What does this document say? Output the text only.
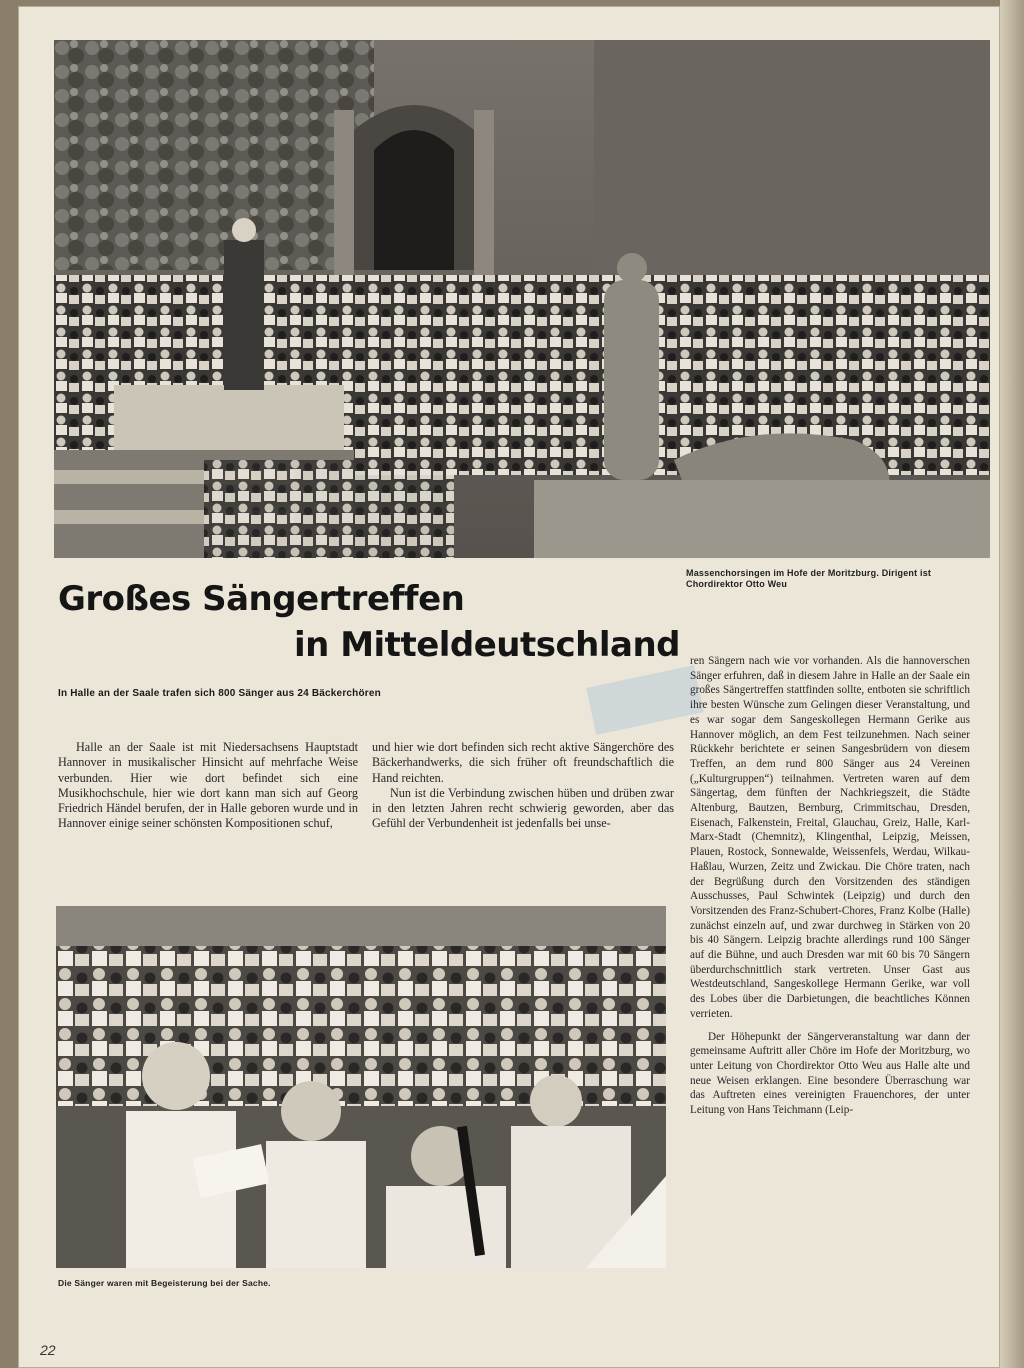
Massenchorsingen im Hofe der Moritzburg. Dirigent ist Chordirektor Otto Weu
Großes Sängertreffen
in Mitteldeutschland
In Halle an der Saale trafen sich 800 Sänger aus 24 Bäckerchören

Halle an der Saale ist mit Niedersachsens Hauptstadt Hannover in musikalischer Hinsicht auf mehrfache Weise verbunden. Hier wie dort befindet sich eine Musikhochschule, hier wie dort kann man sich auf Georg Friedrich Händel berufen, der in Halle geboren wurde und in Hannover einige seiner schönsten Kompositionen schuf,

und hier wie dort befinden sich recht aktive Sängerchöre des Bäckerhandwerks, die sich früher oft freundschaftlich die Hand reichten.

Nun ist die Verbindung zwischen hüben und drüben zwar in den letzten Jahren recht schwierig geworden, aber das Gefühl der Verbundenheit ist jedenfalls bei unse-

Die Sänger waren mit Begeisterung bei der Sache.

ren Sängern nach wie vor vorhanden. Als die hannoverschen Sänger erfuhren, daß in diesem Jahre in Halle an der Saale ein großes Sängertreffen stattfinden sollte, entboten sie schriftlich ihre besten Wünsche zum Gelingen dieser Veranstaltung, und es war sogar dem Sangeskollegen Hermann Gerike aus Hannover möglich, an dem Fest teilzunehmen. Nach seiner Rückkehr berichtete er seinen Sangesbrüdern von diesem Treffen, an dem rund 800 Sänger aus 24 Vereinen („Kulturgruppen“) teilnahmen. Vertreten waren auf dem Sängertag, dem fünften der Nachkriegszeit, die Städte Altenburg, Bautzen, Bernburg, Crimmitschau, Dresden, Eisenach, Falkenstein, Freital, Glauchau, Greiz, Halle, Karl-Marx-Stadt (Chemnitz), Klingenthal, Leipzig, Meissen, Plauen, Rostock, Sonnewalde, Weissenfels, Werdau, Wilkau-Haßlau, Wurzen, Zeitz und Zwickau. Die Chöre traten, nach der Begrüßung durch den Vorsitzenden des ständigen Ausschusses, Paul Schwintek (Leipzig) und durch den Vorsitzenden des Franz-Schubert-Chores, Franz Kolbe (Halle) zunächst einzeln auf, und zwar durchweg in Stärken von 20 bis 40 Sängern. Leipzig brachte allerdings rund 100 Sänger auf die Bühne, und auch Dresden war mit 60 bis 70 Sängern überdurchschnittlich stark vertreten. Unser Gast aus Westdeutschland, Sangeskollege Hermann Gerike, war voll des Lobes über die Darbietungen, die beachtliches Können verrieten.

Der Höhepunkt der Sängerveranstaltung war dann der gemeinsame Auftritt aller Chöre im Hofe der Moritzburg, wo unter Leitung von Chordirektor Otto Weu aus Halle alte und neue Weisen erklangen. Eine besondere Überraschung war das Auftreten eines vereinigten Frauenchores, der unter Leitung von Hans Teichmann (Leip-

22
